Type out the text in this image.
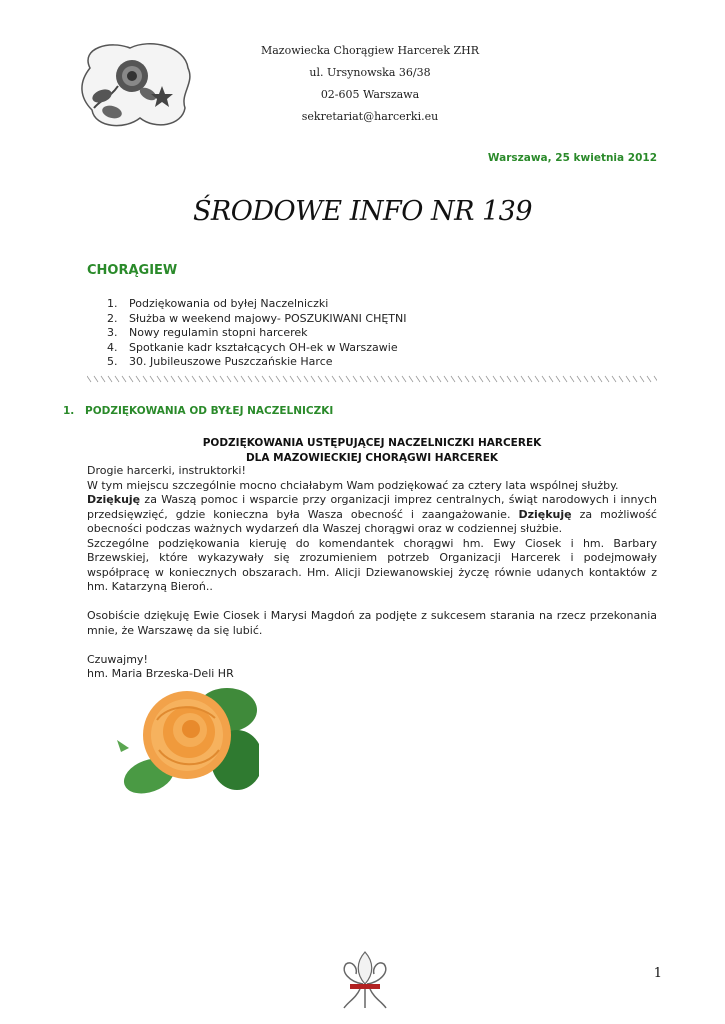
Mazowiecka Chorągiew Harcerek ZHR
ul. Ursynowska 36/38
02-605 Warszawa
sekretariat@harcerki.eu
Warszawa, 25 kwietnia 2012
ŚRODOWE INFO NR 139
CHORĄGIEW
1. Podziękowania od byłej Naczelniczki
2. Służba w weekend majowy- POSZUKIWANI CHĘTNI
3. Nowy regulamin stopni harcerek
4. Spotkanie kadr kształcących OH-ek w Warszawie
5. 30. Jubileuszowe Puszczańskie Harce
1. PODZIĘKOWANIA OD BYŁEJ NACZELNICZKI
PODZIĘKOWANIA USTĘPUJĄCEJ NACZELNICZKI HARCEREK
DLA MAZOWIECKIEJ CHORĄGWI HARCEREK

Drogie harcerki, instruktorki!

W tym miejscu szczególnie mocno chciałabym Wam podziękować za cztery lata wspólnej służby.

Dziękuję za Waszą pomoc i wsparcie przy organizacji imprez centralnych, świąt narodowych i innych przedsięwzięć, gdzie konieczna była Wasza obecność i zaangażowanie. Dziękuję za możliwość obecności podczas ważnych wydarzeń dla Waszej chorągwi oraz w codziennej służbie.

Szczególne podziękowania kieruję do komendantek chorągwi hm. Ewy Ciosek i hm. Barbary Brzewskiej, które wykazywały się zrozumieniem potrzeb Organizacji Harcerek i podejmowały współpracę w koniecznych obszarach. Hm. Alicji Dziewanowskiej życzę równie udanych kontaktów z hm. Katarzyną Bieroń..

Osobiście dziękuję Ewie Ciosek i Marysi Magdoń za podjęte z sukcesem starania na rzecz przekonania mnie, że Warszawę da się lubić.

Czuwajmy!

hm. Maria Brzeska-Deli HR

1
